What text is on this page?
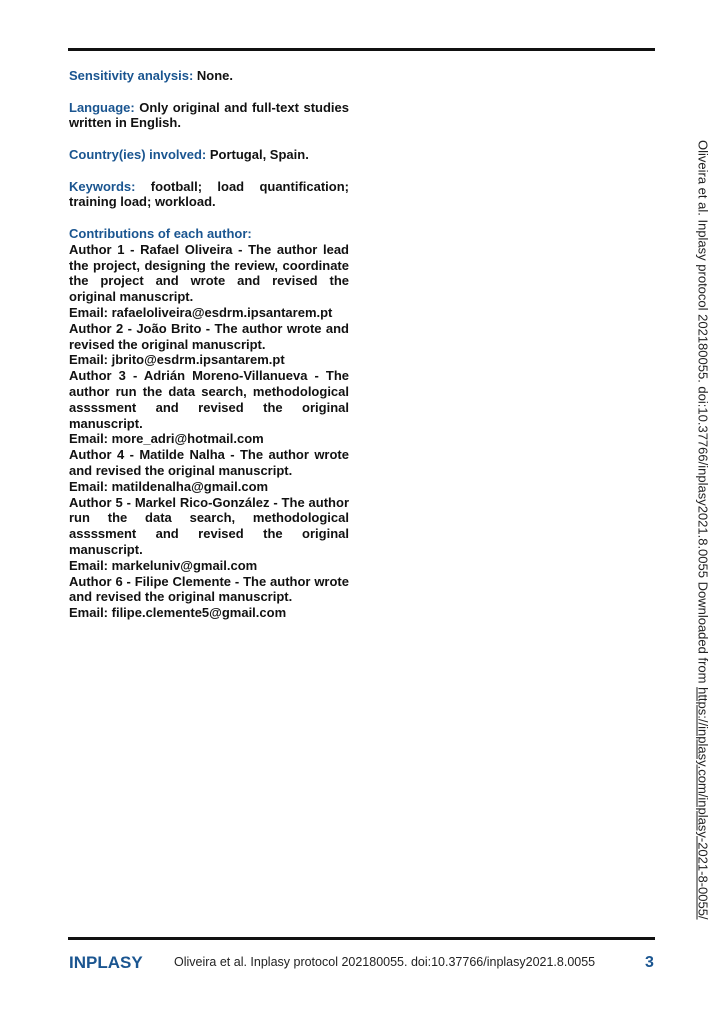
Sensitivity analysis: None.

Language: Only original and full-text studies written in English.

Country(ies) involved: Portugal, Spain.

Keywords: football; load quantification; training load; workload.

Contributions of each author:

Author 1 - Rafael Oliveira - The author lead the project, designing the review, coordinate the project and wrote and revised the original manuscript.

Email: rafaeloliveira@esdrm.ipsantarem.pt

Author 2 - João Brito - The author wrote and revised the original manuscript.

Email: jbrito@esdrm.ipsantarem.pt

Author 3 - Adrián Moreno-Villanueva - The author run the data search, methodological assssment and revised the original manuscript.

Email: more_adri@hotmail.com

Author 4 - Matilde Nalha - The author wrote and revised the original manuscript.

Email: matildenalha@gmail.com

Author 5 - Markel Rico-González - The author run the data search, methodological assssment and revised the original manuscript.

Email: markeluniv@gmail.com

Author 6 - Filipe Clemente - The author wrote and revised the original manuscript.

Email: filipe.clemente5@gmail.com	Oliveira et al. Inplasy protocol 202180055. doi:10.37766/inplasy2021.8.0055 Downloaded from https://inplasy.com/inplasy-2021-8-0055/
INPLASY	Oliveira et al. Inplasy protocol 202180055. doi:10.37766/inplasy2021.8.0055	3
